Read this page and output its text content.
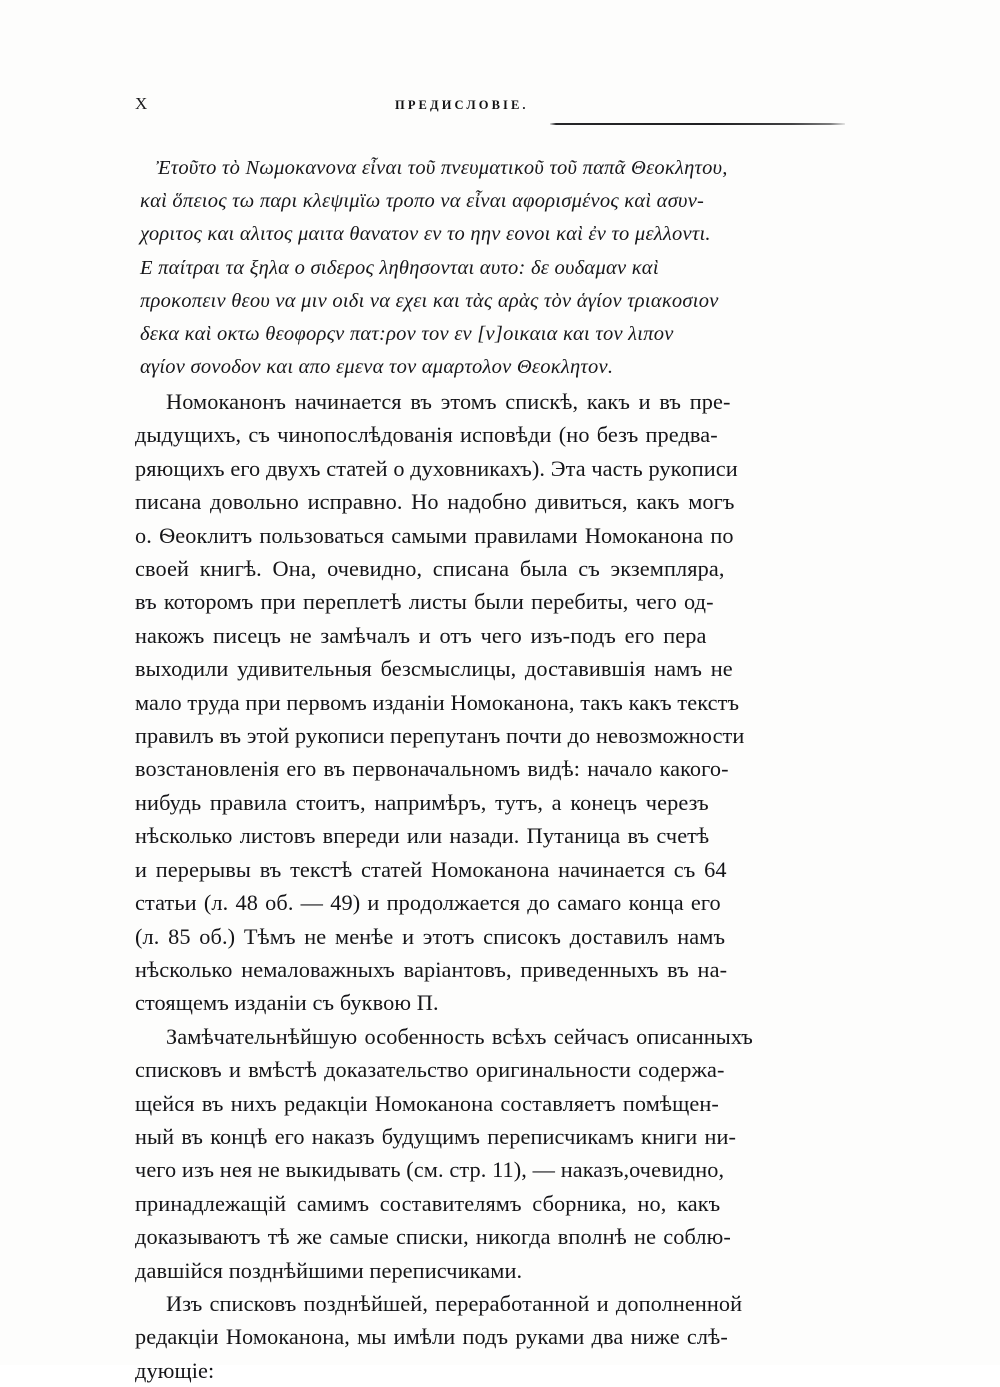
X	ПРЕДИСЛОВІЕ.
Ἐτοῦτο τὸ Νωμοκανονα εἶναι τοῦ πνευματικοῦ τοῦ παπᾶ Θεοκλητου,
καὶ ὅπειος τω παρι κλεψιμϊω τροπο να εἶναι αφορισμένος καὶ ασυν-
χοριτος και αλιτος μαιτα θανατον εν το ηην εονοι καὶ ἐν το μελλοντι.
Ε παίτραι τα ξηλα ο σιδερος ληθησονται αυτο: δε ουδαμαν καὶ
προκοπειν θεου να μιν οιδι να εχει και τὰς αρὰς τὸν ἁγίον τριακοσιον
δεκα καὶ οκτω θεοφορςν πατ:ρον τον εν [ν]οικαια και τον λιπον
αγίον σονοδον και απο εμενα τον αμαρτολον Θεοκλητον.
Номоканонъ начинается въ этомъ спискѣ, какъ и въ пре-
дыдущихъ, съ чинопослѣдованія исповѣди (но безъ предва-
ряющихъ его двухъ статей о духовникахъ). Эта часть рукописи
писана довольно исправно. Но надобно дивиться, какъ могъ
о. Ѳеоклитъ пользоваться самыми правилами Номоканона по
своей книгѣ. Она, очевидно, списана была съ экземпляра,
въ которомъ при переплетѣ листы были перебиты, чего од-
накожъ писецъ не замѣчалъ и отъ чего изъ-подъ его пера
выходили удивительныя безсмыслицы, доставившія намъ не
мало труда при первомъ изданіи Номоканона, такъ какъ текстъ
правилъ въ этой рукописи перепутанъ почти до невозможности
возстановленія его въ первоначальномъ видѣ: начало какого-
нибудь правила стоитъ, напримѣръ, тутъ, а конецъ черезъ
нѣсколько листовъ впереди или назади. Путаница въ счетѣ
и перерывы въ текстѣ статей Номоканона начинается съ 64
статьи (л. 48 об. — 49) и продолжается до самаго конца его
(л. 85 об.) Тѣмъ не менѣе и этотъ списокъ доставилъ намъ
нѣсколько немаловажныхъ варіантовъ, приведенныхъ въ на-
стоящемъ изданіи съ буквою П.
Замѣчательнѣйшую особенность всѣхъ сейчасъ описанныхъ
списковъ и вмѣстѣ доказательство оригинальности содержа-
щейся въ нихъ редакціи Номоканона составляетъ помѣщен-
ный въ концѣ его наказъ будущимъ переписчикамъ книги ни-
чего изъ нея не выкидывать (см. стр. 11), — наказъ,очевидно,
принадлежащій самимъ составителямъ сборника, но, какъ
доказываютъ тѣ же самые списки, никогда вполнѣ не соблю-
давшійся позднѣйшими переписчиками.
Изъ списковъ позднѣйшей, переработанной и дополненной
редакціи Номоканона, мы имѣли подъ руками два ниже слѣ-
дующіе:
